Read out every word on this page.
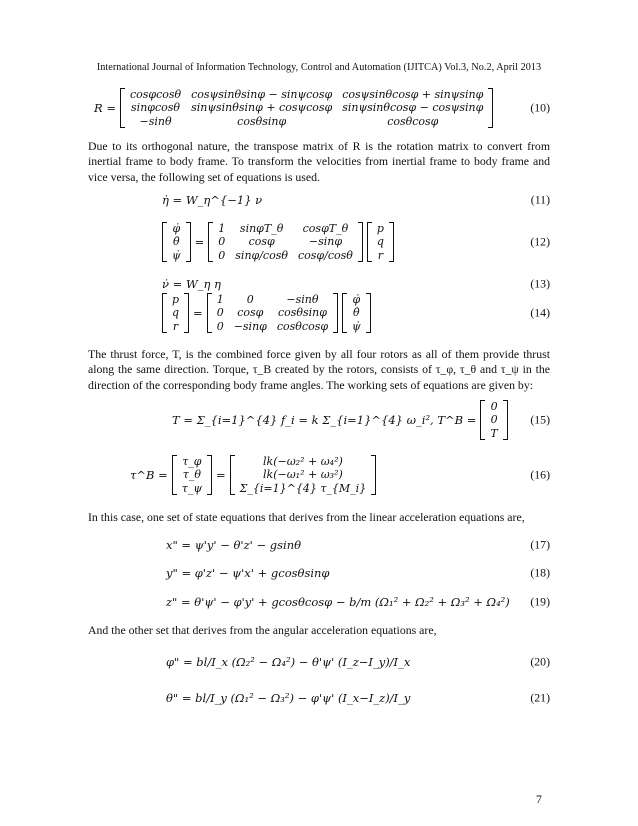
International Journal of Information Technology, Control and Automation (IJITCA) Vol.3, No.2, April 2013
R =
cosφcosθ	cosψsinθsinφ − sinψcosφ	cosψsinθcosφ + sinψsinφ
sinφcosθ	sinψsinθsinφ + cosψcosφ	sinψsinθcosφ − cosψsinφ
−sinθ	cosθsinφ	cosθcosφ
(10)

Due to its orthogonal nature, the transpose matrix of R is the rotation matrix to convert from inertial frame to body frame. To transform the velocities from inertial frame to body frame and vice versa, the following set of equations is used.

η̇ = W_η^{−1} ν	(11)
φ̇
θ̇
ψ̇
=
1	sinφT_θ	cosφT_θ
0	cosφ	−sinφ
0	sinφ/cosθ	cosφ/cosθ
p
q
r
(12)
ν̇ = W_η η	(13)
p
q
r
=
1	0	−sinθ
0	cosφ	cosθsinφ
0	−sinφ	cosθcosφ
φ̇
θ̇
ψ̇
(14)

The thrust force, T, is the combined force given by all four rotors as all of them provide thrust along the same direction. Torque, τ_B created by the rotors, consists of τ_φ, τ_θ and τ_ψ in the direction of the corresponding body frame angles. The working sets of equations are given by:

T = Σ_{i=1}^{4} f_i = k Σ_{i=1}^{4} ω_i², T^B =
0
0
T
(15)
τ^B =
τ_φ
τ_θ
τ_ψ
=
lk(−ω₂² + ω₄²)
lk(−ω₁² + ω₃²)
Σ_{i=1}^{4} τ_{M_i}
(16)

In this case, one set of state equations that derives from the linear acceleration equations are,

x" = ψ'y' − θ'z' − gsinθ	(17)
y" = φ'z' − ψ'x' + gcosθsinφ	(18)
z" = θ'ψ' − φ'y' + gcosθcosφ − b/m (Ω₁² + Ω₂² + Ω₃² + Ω₄²) (19)

And the other set that derives from the angular acceleration equations are,

φ" = bl/I_x (Ω₂² − Ω₄²) − θ'ψ' (I_z−I_y)/I_x	(20)
θ" = bl/I_y (Ω₁² − Ω₃²) − φ'ψ' (I_x−I_z)/I_y	(21)
7
